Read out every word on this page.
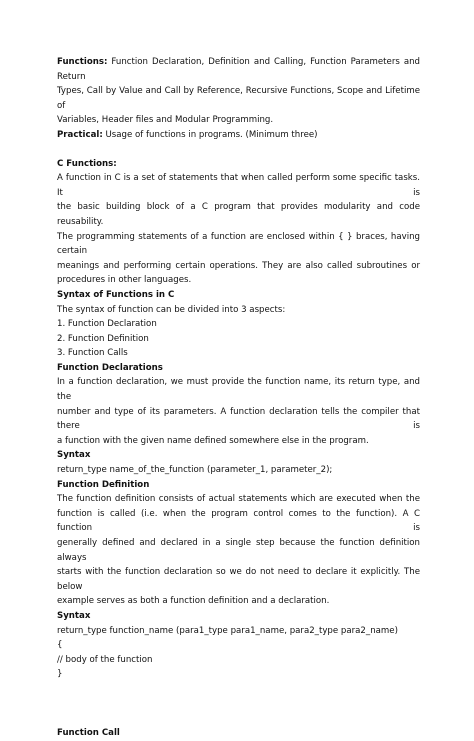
Functions: Function Declaration, Definition and Calling, Function Parameters and Return
Types, Call by Value and Call by Reference, Recursive Functions, Scope and Lifetime of
Variables, Header files and Modular Programming.
Practical: Usage of functions in programs. (Minimum three)
C Functions:
A function in C is a set of statements that when called perform some specific tasks. It is
the basic building block of a C program that provides modularity and code reusability.
The programming statements of a function are enclosed within { } braces, having certain
meanings and performing certain operations. They are also called subroutines or
procedures in other languages.
Syntax of Functions in C
The syntax of function can be divided into 3 aspects:
1. Function Declaration
2. Function Definition
3. Function Calls
Function Declarations
In a function declaration, we must provide the function name, its return type, and the
number and type of its parameters. A function declaration tells the compiler that there is
a function with the given name defined somewhere else in the program.
Syntax
return_type name_of_the_function (parameter_1, parameter_2);
Function Definition
The function definition consists of actual statements which are executed when the
function is called (i.e. when the program control comes to the function). A C function is
generally defined and declared in a single step because the function definition always
starts with the function declaration so we do not need to declare it explicitly. The below
example serves as both a function definition and a declaration.
Syntax
return_type function_name (para1_type para1_name, para2_type para2_name)
{
// body of the function
}
Function Call
